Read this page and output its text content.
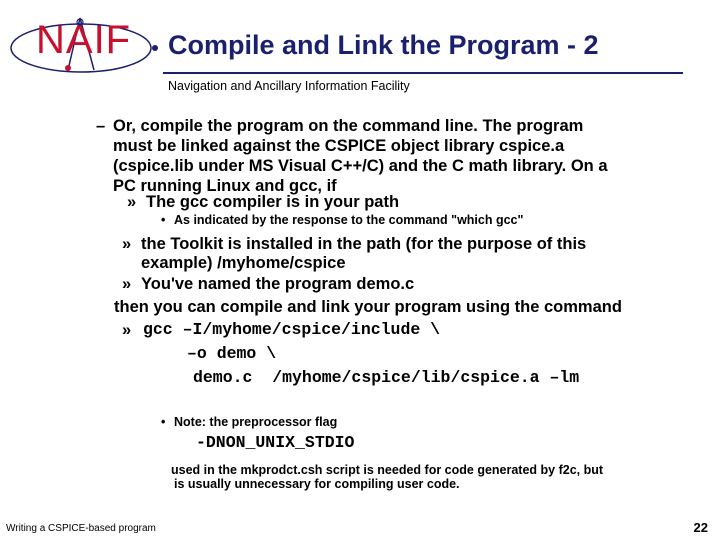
NAIF Compile and Link the Program - 2
Navigation and Ancillary Information Facility
– Or, compile the program on the command line. The program
must be linked against the CSPICE object library cspice.a
(cspice.lib under MS Visual C++/C) and the C math library. On a
PC running Linux and gcc, if
» The gcc compiler is in your path
• As indicated by the response to the command "which gcc"
» the Toolkit is installed in the path (for the purpose of this
example) /myhome/cspice
» You've named the program demo.c
then you can compile and link your program using the command
» gcc –I/myhome/cspice/include \
–o demo \
demo.c  /myhome/cspice/lib/cspice.a –lm
• Note: the preprocessor flag
-DNON_UNIX_STDIO
used in the mkprodct.csh script is needed for code generated by f2c, but
is usually unnecessary for compiling user code.
Writing a CSPICE-based program	22
